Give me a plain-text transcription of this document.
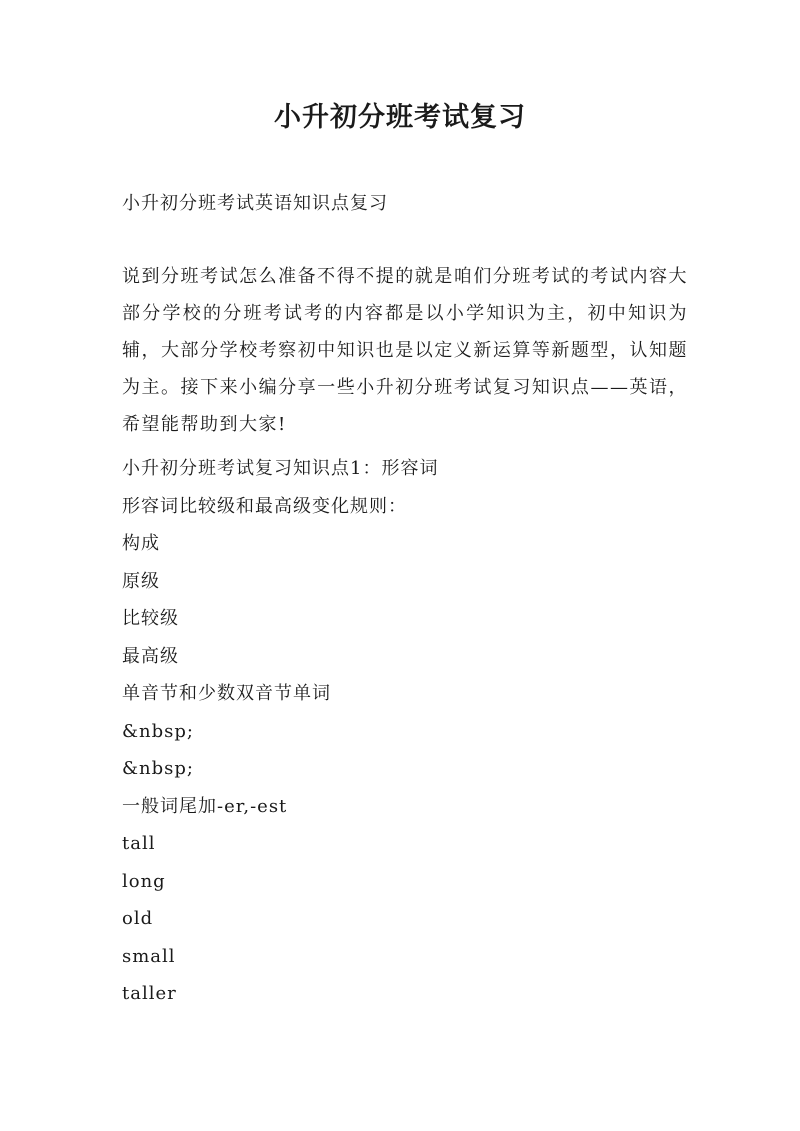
小升初分班考试复习

小升初分班考试英语知识点复习

说到分班考试怎么准备不得不提的就是咱们分班考试的考试内容大部分学校的分班考试考的内容都是以小学知识为主，初中知识为辅，大部分学校考察初中知识也是以定义新运算等新题型，认知题为主。接下来小编分享一些小升初分班考试复习知识点——英语，希望能帮助到大家!

小升初分班考试复习知识点1：形容词
形容词比较级和最高级变化规则：
构成
原级
比较级
最高级
单音节和少数双音节单词
&nbsp;
&nbsp;
一般词尾加-er,-est
tall
long
old
small
taller
